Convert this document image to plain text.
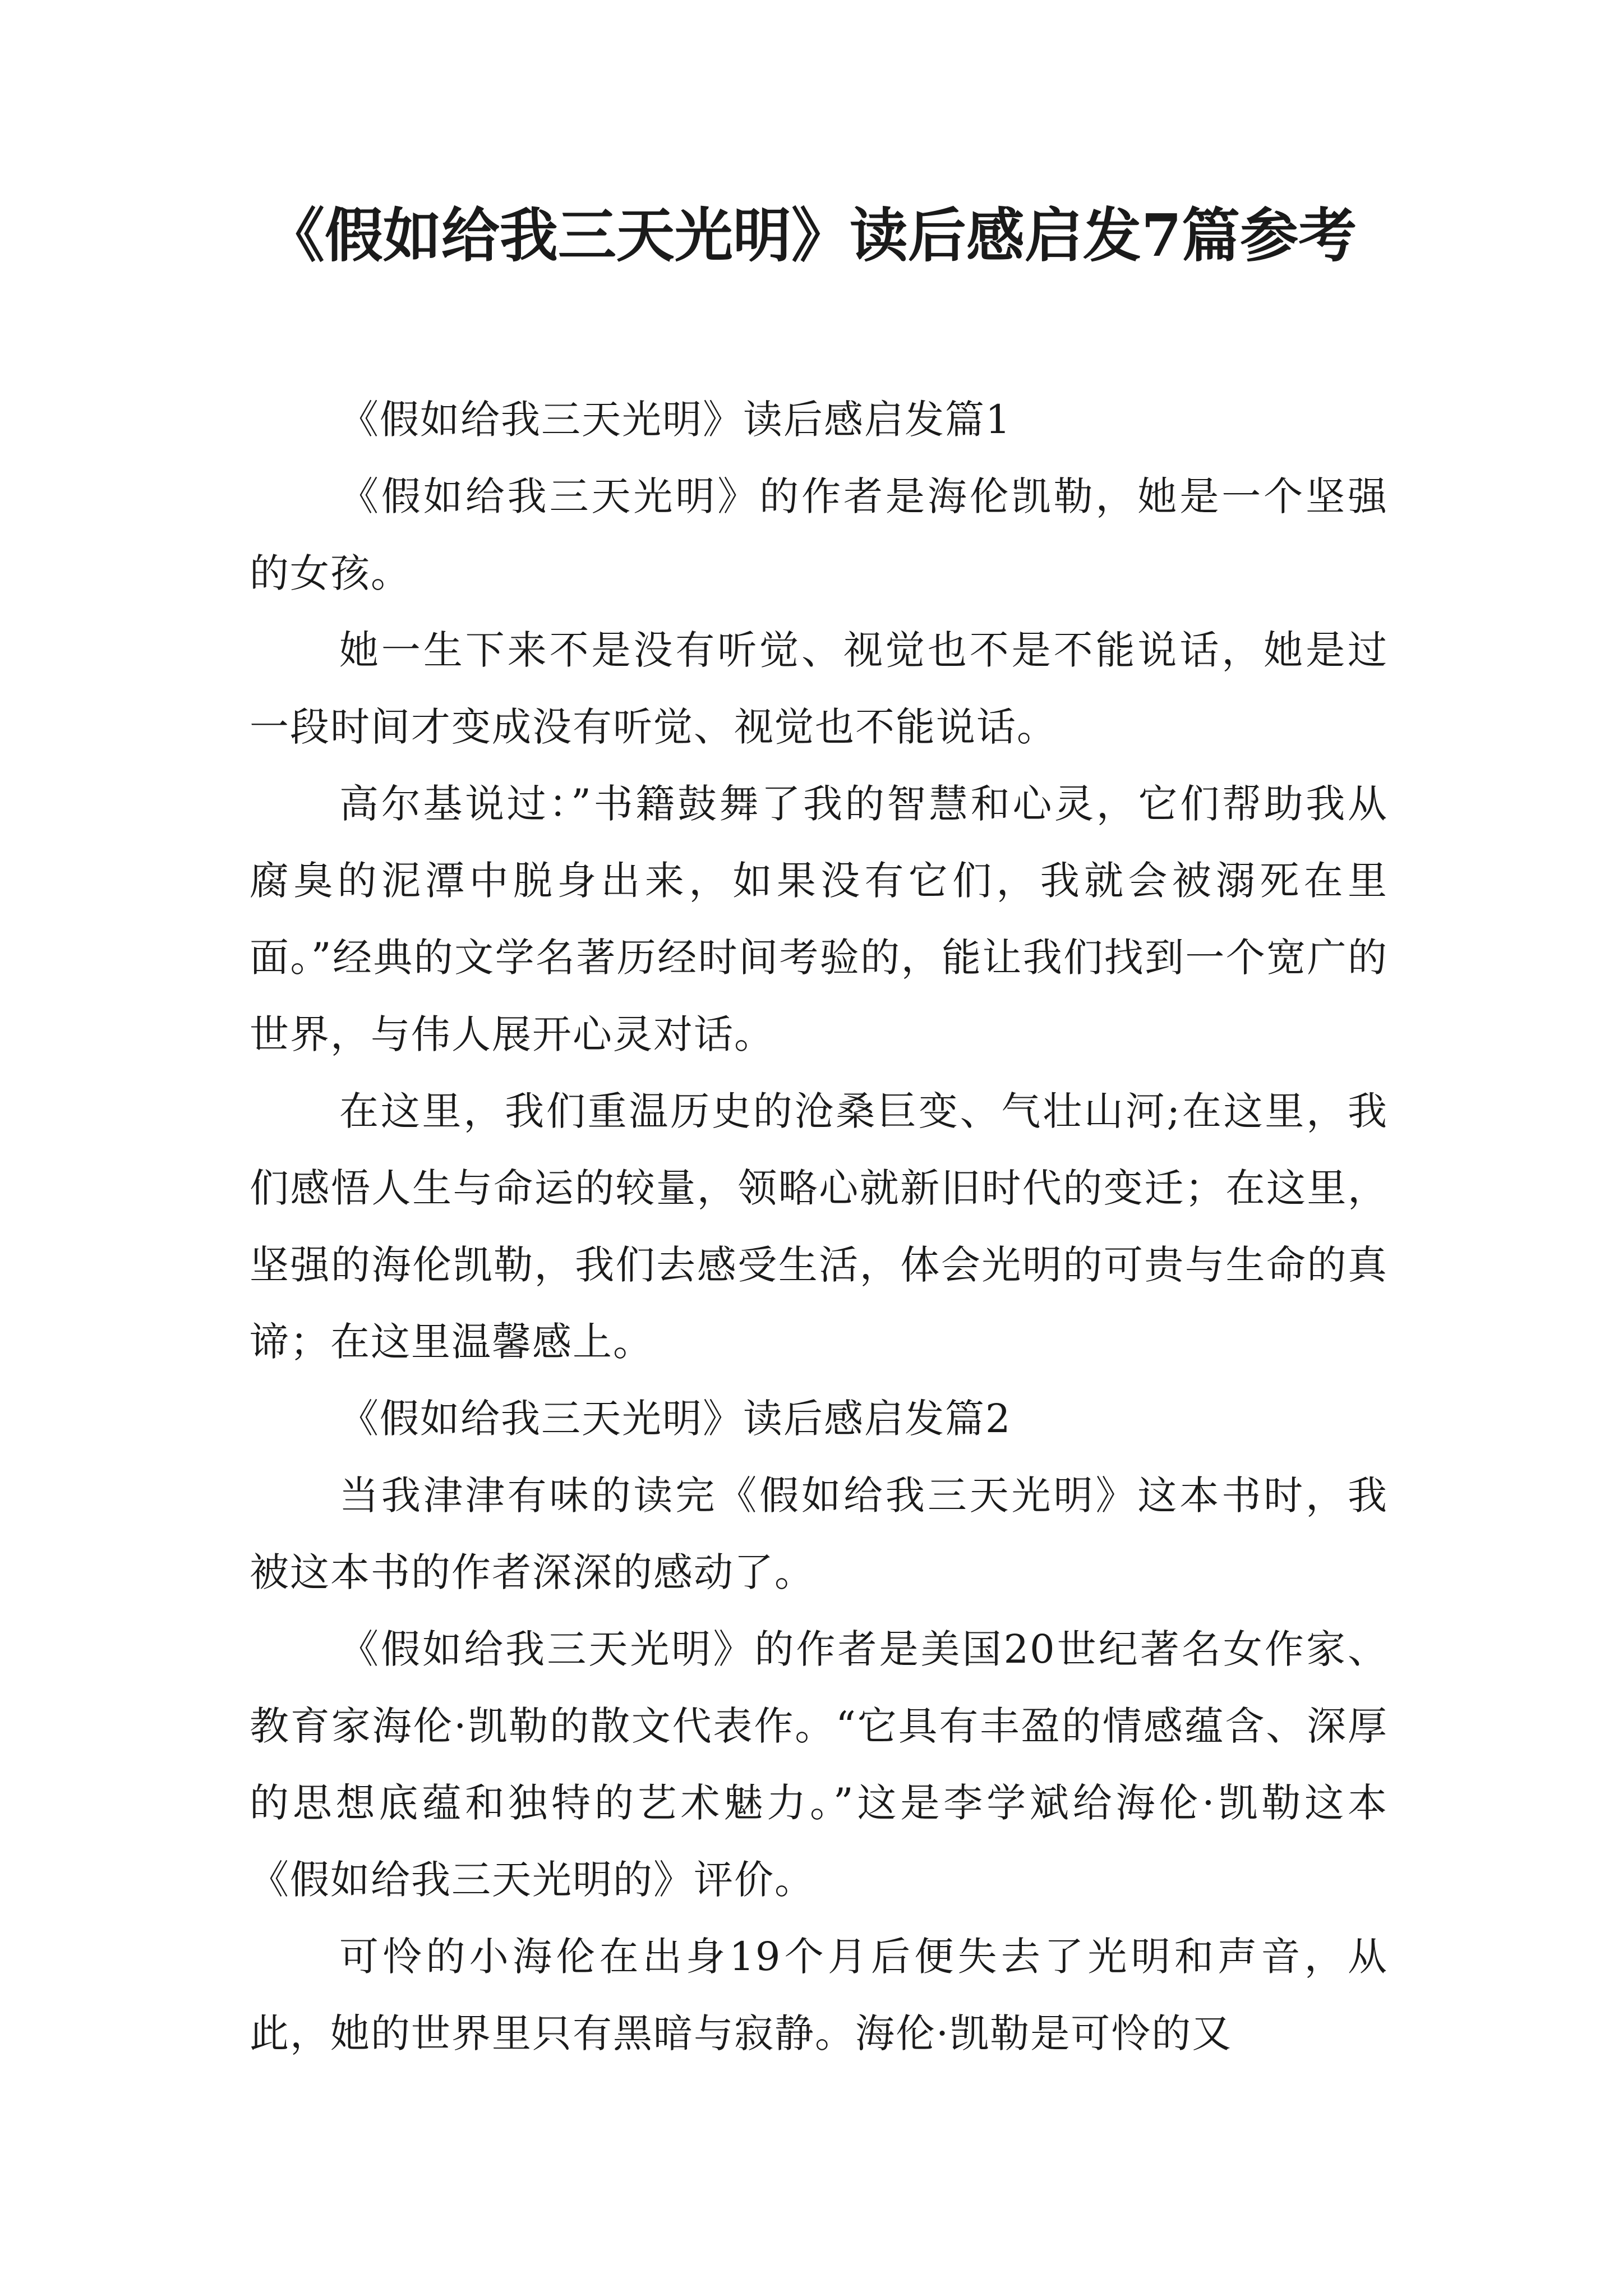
《假如给我三天光明》读后感启发7篇参考

《假如给我三天光明》读后感启发篇1

《假如给我三天光明》的作者是海伦凯勒，她是一个坚强的女孩。

她一生下来不是没有听觉、视觉也不是不能说话，她是过一段时间才变成没有听觉、视觉也不能说话。

高尔基说过：”书籍鼓舞了我的智慧和心灵，它们帮助我从腐臭的泥潭中脱身出来，如果没有它们，我就会被溺死在里面。”经典的文学名著历经时间考验的，能让我们找到一个宽广的世界，与伟人展开心灵对话。

在这里，我们重温历史的沧桑巨变、气壮山河;在这里，我们感悟人生与命运的较量，领略心就新旧时代的变迁；在这里，坚强的海伦凯勒，我们去感受生活，体会光明的可贵与生命的真谛；在这里温馨感上。

《假如给我三天光明》读后感启发篇2

当我津津有味的读完《假如给我三天光明》这本书时，我被这本书的作者深深的感动了。

《假如给我三天光明》的作者是美国20世纪著名女作家、教育家海伦·凯勒的散文代表作。“它具有丰盈的情感蕴含、深厚的思想底蕴和独特的艺术魅力。”这是李学斌给海伦·凯勒这本《假如给我三天光明的》评价。

可怜的小海伦在出身19个月后便失去了光明和声音，从此，她的世界里只有黑暗与寂静。海伦·凯勒是可怜的又
